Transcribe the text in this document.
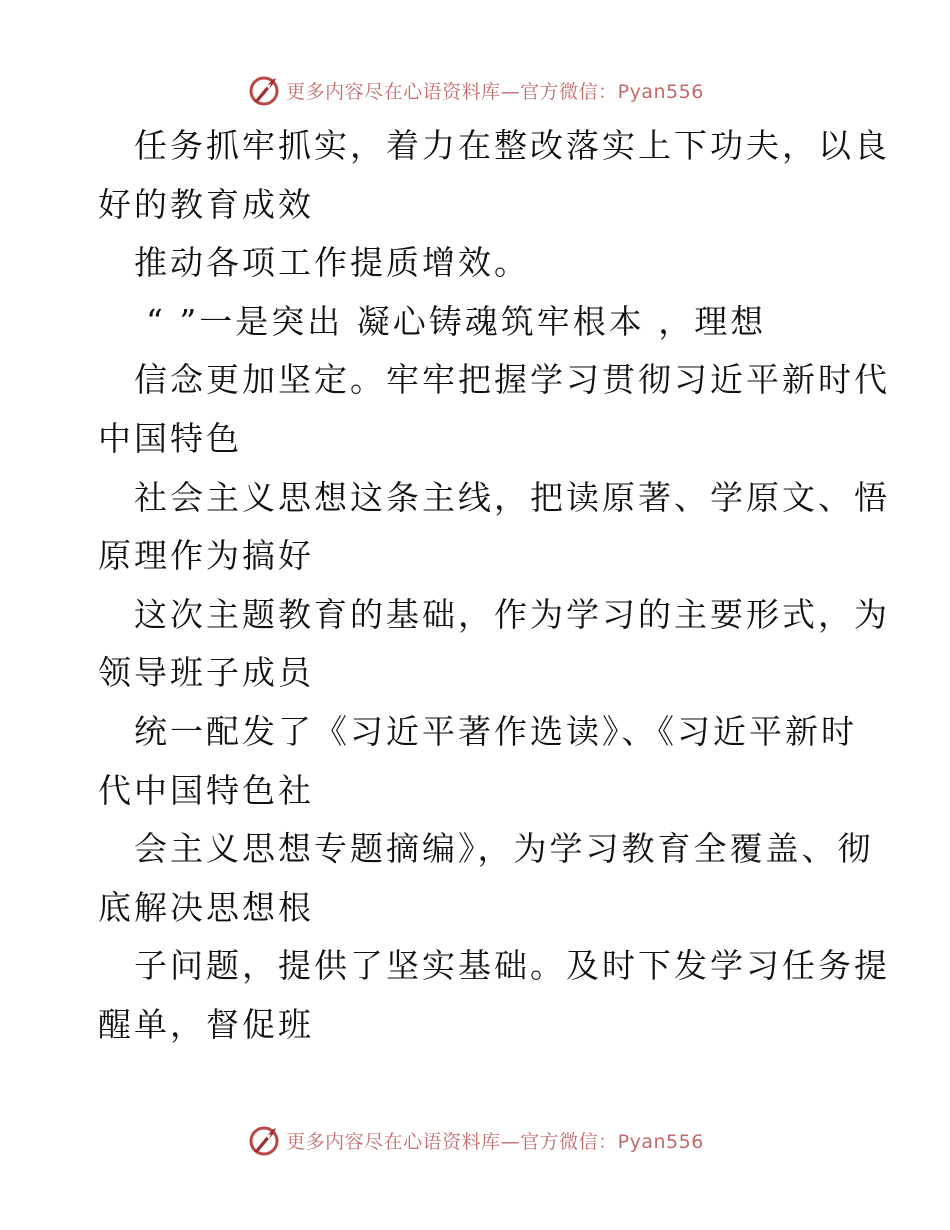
更多内容尽在心语资料库—官方微信：Pyan556
任务抓牢抓实，着力在整改落实上下功夫，以良
好的教育成效
推动各项工作提质增效。
“ ”一是突出 凝心铸魂筑牢根本 ，理想
信念更加坚定。牢牢把握学习贯彻习近平新时代
中国特色
社会主义思想这条主线，把读原著、学原文、悟
原理作为搞好
这次主题教育的基础，作为学习的主要形式，为
领导班子成员
统一配发了《习近平著作选读》、《习近平新时
代中国特色社
会主义思想专题摘编》，为学习教育全覆盖、彻
底解决思想根
子问题，提供了坚实基础。及时下发学习任务提
醒单，督促班
更多内容尽在心语资料库—官方微信：Pyan556
